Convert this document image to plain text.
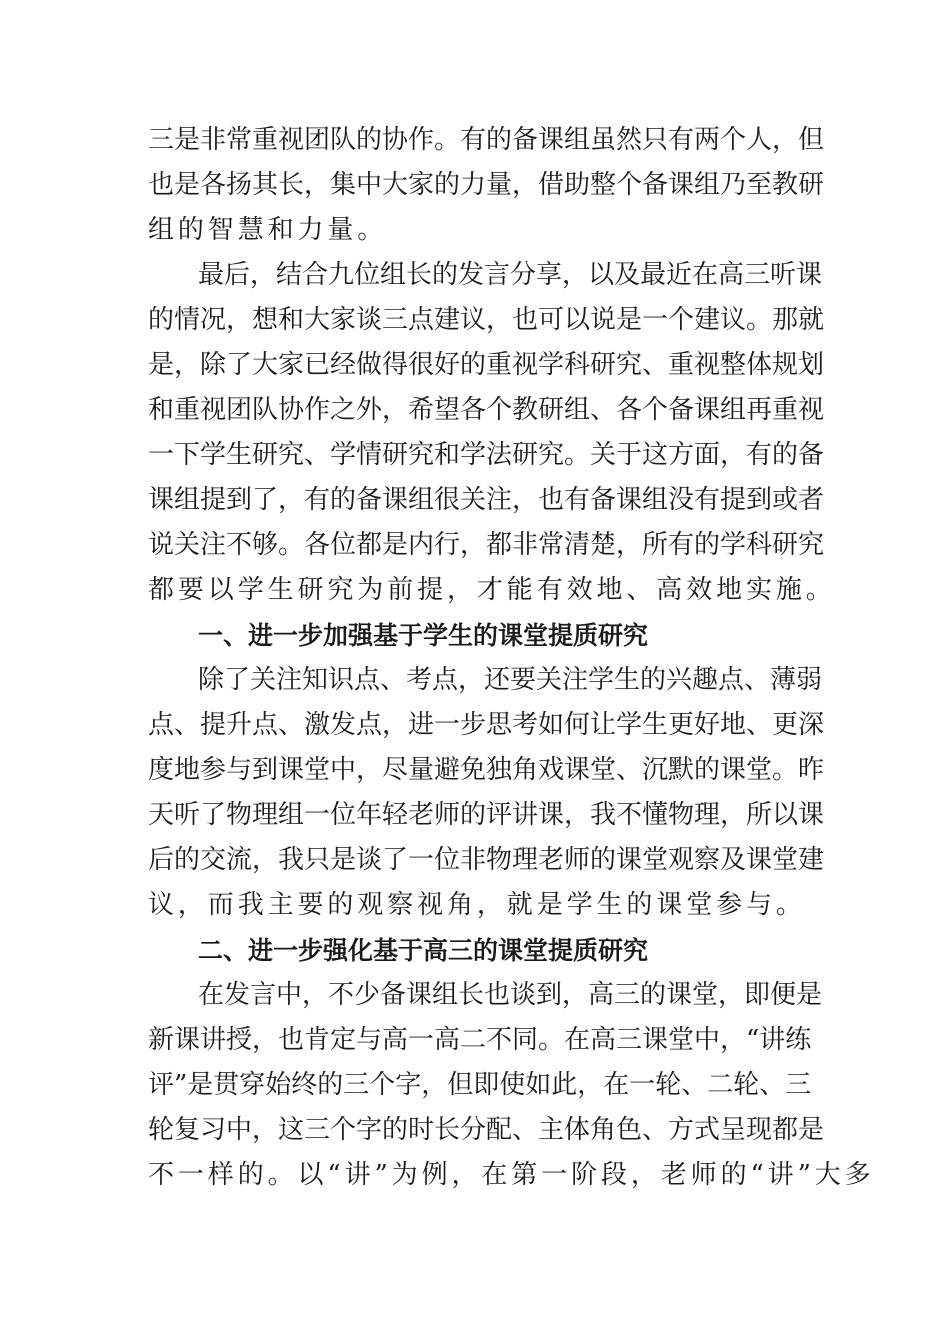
三是非常重视团队的协作。有的备课组虽然只有两个人，但
也是各扬其长，集中大家的力量，借助整个备课组乃至教研
组的智慧和力量。
最后，结合九位组长的发言分享，以及最近在高三听课
的情况，想和大家谈三点建议，也可以说是一个建议。那就
是，除了大家已经做得很好的重视学科研究、重视整体规划
和重视团队协作之外，希望各个教研组、各个备课组再重视
一下学生研究、学情研究和学法研究。关于这方面，有的备
课组提到了，有的备课组很关注，也有备课组没有提到或者
说关注不够。各位都是内行，都非常清楚，所有的学科研究
都要以学生研究为前提，才能有效地、高效地实施。
一、进一步加强基于学生的课堂提质研究
除了关注知识点、考点，还要关注学生的兴趣点、薄弱
点、提升点、激发点，进一步思考如何让学生更好地、更深
度地参与到课堂中，尽量避免独角戏课堂、沉默的课堂。昨
天听了物理组一位年轻老师的评讲课，我不懂物理，所以课
后的交流，我只是谈了一位非物理老师的课堂观察及课堂建
议，而我主要的观察视角，就是学生的课堂参与。
二、进一步强化基于高三的课堂提质研究
在发言中，不少备课组长也谈到，高三的课堂，即便是
新课讲授，也肯定与高一高二不同。在高三课堂中，“讲练
评”是贯穿始终的三个字，但即使如此，在一轮、二轮、三
轮复习中，这三个字的时长分配、主体角色、方式呈现都是
不一样的。以“讲”为例，在第一阶段，老师的“讲”大多
